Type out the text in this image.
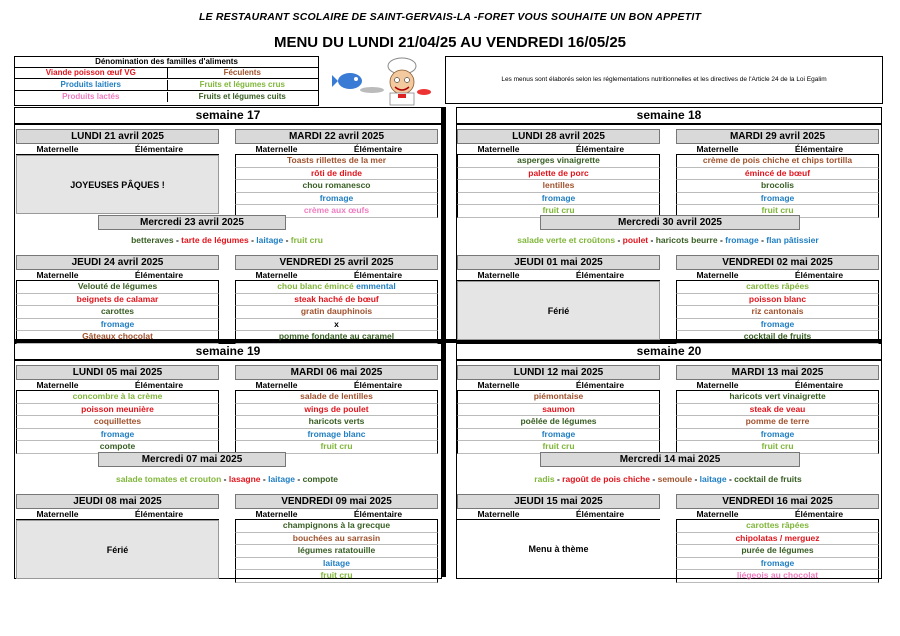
LE RESTAURANT SCOLAIRE DE SAINT-GERVAIS-LA -FORET VOUS SOUHAITE UN BON APPETIT
MENU DU LUNDI 21/04/25 AU VENDREDI 16/05/25
Dénomination des familles d'aliments
Viande poisson œuf VG	Féculents
Produits laitiers	Fruits et légumes crus
Produits lactés	Fruits et légumes cuits
Les menus sont élaborés selon les réglementations nutritionnelles et les directives de l'Article 24 de la Loi Egalim
semaine 17	semaine 18
semaine 19	semaine 20
LUNDI 21 avril 2025
Maternelle	Élémentaire
JOYEUSES PÂQUES !
MARDI 22 avril 2025
Maternelle	Élémentaire
Toasts rillettes de la mer
rôti de dinde
chou romanesco
fromage
crème aux œufs
LUNDI 28 avril 2025
Maternelle	Élémentaire
asperges vinaigrette
palette de porc
lentilles
fromage
fruit cru
MARDI 29 avril 2025
Maternelle	Élémentaire
crème de pois chiche et chips tortilla
émincé de bœuf
brocolis
fromage
fruit cru
JEUDI 24 avril 2025
Maternelle	Élémentaire
Velouté de légumes
beignets de calamar
carottes
fromage
Gâteaux chocolat
VENDREDI 25 avril 2025
Maternelle	Élémentaire
chou blanc émincé emmental
steak haché de bœuf
gratin dauphinois
x
pomme fondante au caramel
JEUDI 01 mai 2025
Maternelle	Élémentaire
Férié
VENDREDI 02 mai 2025
Maternelle	Élémentaire
carottes râpées
poisson blanc
riz cantonais
fromage
cocktail de fruits
LUNDI 05 mai 2025
Maternelle	Élémentaire
concombre à la crème
poisson meunière
coquillettes
fromage
compote
MARDI 06 mai 2025
Maternelle	Élémentaire
salade de lentilles
wings de poulet
haricots verts
fromage blanc
fruit cru
LUNDI 12 mai 2025
Maternelle	Élémentaire
piémontaise
saumon
poêlée de légumes
fromage
fruit cru
MARDI 13 mai 2025
Maternelle	Élémentaire
haricots vert vinaigrette
steak de veau
pomme de terre
fromage
fruit cru
JEUDI 08 mai 2025
Maternelle	Élémentaire
Férié
VENDREDI 09 mai 2025
Maternelle	Élémentaire
champignons à la grecque
bouchées au sarrasin
légumes ratatouille
laitage
fruit cru
JEUDI 15 mai 2025
Maternelle	Élémentaire
Menu à thème
VENDREDI 16 mai 2025
Maternelle	Élémentaire
carottes râpées
chipolatas / merguez
purée de légumes
fromage
liégeois au chocolat
Mercredi 23 avril 2025
betteraves - tarte de légumes - laitage - fruit cru
Mercredi 30 avril 2025
salade verte et croûtons - poulet - haricots beurre - fromage - flan pâtissier
Mercredi 07 mai 2025
salade tomates et crouton - lasagne - laitage - compote
Mercredi 14 mai 2025
radis - ragoût de pois chiche - semoule - laitage - cocktail de fruits
